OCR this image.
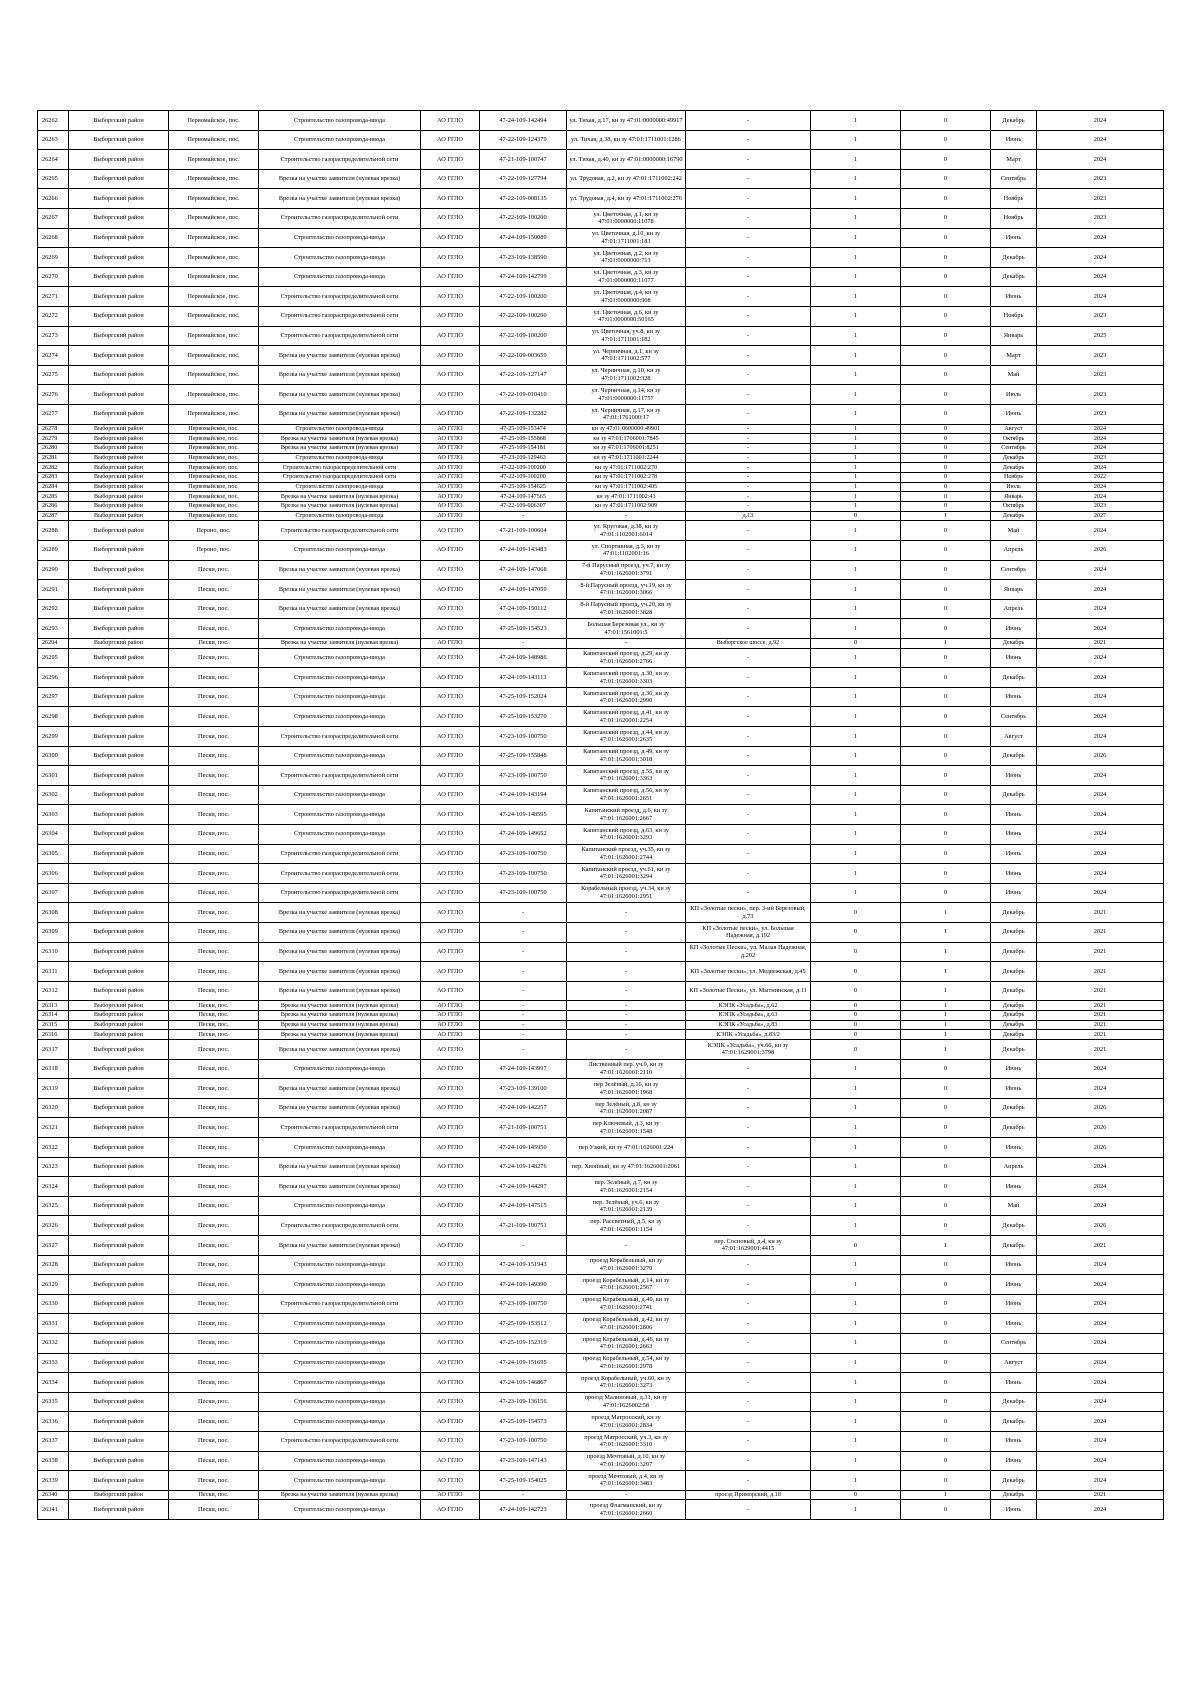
26262	Выборгский район	Первомайское, пос.	Строительство газопровода-ввода	АО ГГЛО	47-24-109-142494	ул. Тихая, д.17, кн зу 47:01:0000000:49917	-	1	0	Декабрь	2024
26263	Выборгский район	Первомайское, пос.	Строительство газопровода-ввода	АО ГГЛО	47-22-109-124379	ул. Тихая, д.38, кн зу 47:01:1711001:1286	-	1	0	Июнь	2024
26264	Выборгский район	Первомайское, пос.	Строительство газораспределительной сети	АО ГГЛО	47-21-109-100747	ул. Тихая, д.40, кн зу 47:01:0000000:16790	-	1	0	Март	2024
26265	Выборгский район	Первомайское, пос.	Врезка на участке заявителя (нулевая врезка)	АО ГГЛО	47-22-109-127794	ул. Трудовая, д.2, кн зу 47:01:1711002:242	-	1	0	Сентябрь	2023
26266	Выборгский район	Первомайское, пос.	Врезка на участке заявителя (нулевая врезка)	АО ГГЛО	47-22-109-008135	ул. Трудовая, д.4, кн зу 47:01:1711002:276	-	1	0	Ноябрь	2023
26267	Выборгский район	Первомайское, пос.	Строительство газораспределительной сети	АО ГГЛО	47-22-109-100200	ул. Цветочная, д.1, кн зу 47:01:0000000:11078	-	1	0	Ноябрь	2023
26268	Выборгский район	Первомайское, пос.	Строительство газопровода-ввода	АО ГГЛО	47-24-109-150089	ул. Цветочная, д.10, кн зу 47:01:1711001:183	-	1	0	Июнь	2024
26269	Выборгский район	Первомайское, пос.	Строительство газопровода-ввода	АО ГГЛО	47-23-109-138590	ул. Цветочная, д.2, кн зу 47:01:0000000:713	-	1	0	Декабрь	2024
26270	Выборгский район	Первомайское, пос.	Строительство газопровода-ввода	АО ГГЛО	47-24-109-142799	ул. Цветочная, д.3, кн зу 47:01:0000000:11077	-	1	0	Декабрь	2024
26271	Выборгский район	Первомайское, пос.	Строительство газораспределительной сети	АО ГГЛО	47-22-109-100200	ул. Цветочная, д.4, кн зу 47:01:0000000:908	-	1	0	Июнь	2024
26272	Выборгский район	Первомайское, пос.	Строительство газораспределительной сети	АО ГГЛО	47-22-109-100200	ул. Цветочная, д.6, кн зу 47:01:0000000:50165	-	1	0	Ноябрь	2023
26273	Выборгский район	Первомайское, пос.	Строительство газораспределительной сети	АО ГГЛО	47-22-109-100200	ул. Цветочная, уч.8, кн зу 47:01:1711001:182	-	1	0	Январь	2025
26274	Выборгский район	Первомайское, пос.	Врезка на участке заявителя (нулевая врезка)	АО ГГЛО	47-22-109-003659	ул. Черничная, д.1, кн зу 47:01:1711002:577	-	1	0	Март	2023
26275	Выборгский район	Первомайское, пос.	Врезка на участке заявителя (нулевая врезка)	АО ГГЛО	47-22-109-127147	ул. Черничная, д.10, кн зу 47:01:1711002:328	-	1	0	Май	2023
26276	Выборгский район	Первомайское, пос.	Врезка на участке заявителя (нулевая врезка)	АО ГГЛО	47-22-109-010410	ул. Черничная, д.14, кн зу 47:01:0000000:11757	-	1	0	Июль	2023
26277	Выборгский район	Первомайское, пос.	Врезка на участке заявителя (нулевая врезка)	АО ГГЛО	47-22-109-132282	ул. Черничная, д.17, кн зу 47:01:1761000:17	-	1	0	Июнь	2023
26278	Выборгский район	Первомайское, пос.	Строительство газопровода-ввода	АО ГГЛО	47-25-109-153474	кн зу 47:01:0600000:49901	-	1	0	Август	2024
26279	Выборгский район	Первомайское, пос.	Врезка на участке заявителя (нулевая врезка)	АО ГГЛО	47-25-109-155868	кн зу 47:01:1706001:7845	-	1	0	Октябрь	2024
26280	Выборгский район	Первомайское, пос.	Врезка на участке заявителя (нулевая врезка)	АО ГГЛО	47-25-109-154181	кн зу 47:01:1706001:8251	-	1	0	Сентябрь	2024
26281	Выборгский район	Первомайское, пос.	Строительство газопровода-ввода	АО ГГЛО	47-23-109-129463	кн зу 47:01:1711001:2244	-	1	0	Декабрь	2023
26282	Выборгский район	Первомайское, пос.	Строительство газораспределительной сети	АО ГГЛО	47-22-109-100200	кн зу 47:01:1711002:270	-	1	0	Декабрь	2024
26283	Выборгский район	Первомайское, пос.	Строительство газораспределительной сети	АО ГГЛО	47-22-109-100200	кн зу 47:01:1711002:278	-	1	0	Ноябрь	2022
26284	Выборгский район	Первомайское, пос.	Строительство газопровода-ввода	АО ГГЛО	47-25-109-154625	кн зу 47:01:1711002:405	-	1	0	Июль	2024
26285	Выборгский район	Первомайское, пос.	Врезка на участке заявителя (нулевая врезка)	АО ГГЛО	47-24-109-147565	кн зу 47:01:1711002:43	-	1	0	Январь	2024
26286	Выборгский район	Первомайское, пос.	Врезка на участке заявителя (нулевая врезка)	АО ГГЛО	47-22-109-006307	кн зу 47:01:1711002:909	-	1	0	Октябрь	2023
26287	Выборгский район	Первомайское, пос.	Строительство газопровода-ввода	АО ГГЛО	-	-	д.13	0	1	Декабрь	2027
26288	Выборгский район	Пероно, пос.	Строительство газораспределительной сети	АО ГГЛО	47-21-109-100604	ул. Круговая, д.38, кн зу 47:01:1102001:6014	-	1	0	Май	2024
26289	Выборгский район	Пероно, пос.	Строительство газопровода-ввода	АО ГГЛО	47-24-109-143483	ул. Спортивная, д.3, кн зу 47:01:1102001:16	-	1	0	Апрель	2026
26290	Выборгский район	Пески, пос.	Врезка на участке заявителя (нулевая врезка)	АО ГГЛО	47-24-109-147068	7-й Парусный проезд, уч.7, кн зу 47:01:1626001:3791	-	1	0	Сентябрь	2024
26291	Выборгский район	Пески, пос.	Врезка на участке заявителя (нулевая врезка)	АО ГГЛО	47-24-109-147059	8-й Парусный проезд, уч.19, кн зу 47:01:1626001:3066	-	1	0	Январь	2024
26292	Выборгский район	Пески, пос.	Врезка на участке заявителя (нулевая врезка)	АО ГГЛО	47-24-109-150112	8-й Парусный проезд, уч.20, кн зу 47:01:1626001:3828	-	1	0	Апрель	2024
26293	Выборгский район	Пески, пос.	Строительство газопровода-ввода	АО ГГЛО	47-25-109-154523	Большая Березовая ул., кн зу 47:01:1561001:5	-	1	0	Июнь	2024
26294	Выборгский район	Пески, пос.	Врезка на участке заявителя (нулевая врезка)	АО ГГЛО	-	-	Выборгское шоссе, д.92	0	1	Декабрь	2021
26295	Выборгский район	Пески, пос.	Строительство газопровода-ввода	АО ГГЛО	47-24-109-148986	Капитанский проезд, д.29, кн зу 47:01:1626001:2766	-	1	0	Июнь	2024
26296	Выборгский район	Пески, пос.	Строительство газопровода-ввода	АО ГГЛО	47-24-109-143113	Капитанский проезд, д.30, кн зу 47:01:1626001:3303	-	1	0	Декабрь	2024
26297	Выборгский район	Пески, пос.	Строительство газопровода-ввода	АО ГГЛО	47-25-109-152024	Капитанский проезд, д.36, кн зу 47:01:1626001:2990	-	1	0	Июнь	2024
26298	Выборгский район	Пески, пос.	Строительство газопровода-ввода	АО ГГЛО	47-25-109-153270	Капитанский проезд, д.41, кн зу 47:01:1626001:2254	-	1	0	Сентябрь	2024
26299	Выборгский район	Пески, пос.	Строительство газораспределительной сети	АО ГГЛО	47-23-109-100750	Капитанский проезд, д.44, кн зу 47:01:1626001:2635	-	1	0	Август	2024
26300	Выборгский район	Пески, пос.	Строительство газопровода-ввода	АО ГГЛО	47-25-109-155848	Капитанский проезд, д.49, кн зу 47:01:1626001:3018	-	1	0	Декабрь	2026
26301	Выборгский район	Пески, пос.	Строительство газораспределительной сети	АО ГГЛО	47-23-109-100750	Капитанский проезд, д.55, кн зу 47:01:1626001:3363	-	1	0	Июнь	2024
26302	Выборгский район	Пески, пос.	Строительство газопровода-ввода	АО ГГЛО	47-24-109-143194	Капитанский проезд, д.56, кн зу 47:01:1626001:2651	-	1	0	Декабрь	2024
26303	Выборгский район	Пески, пос.	Строительство газопровода-ввода	АО ГГЛО	47-24-109-148595	Капитанский проезд, д.6, кн зу 47:01:1626001:2667	-	1	0	Июнь	2024
26304	Выборгский район	Пески, пос.	Строительство газопровода-ввода	АО ГГЛО	47-24-109-149652	Капитанский проезд, д.63, кн зу 47:01:1626001:3293	-	1	0	Июнь	2024
26305	Выборгский район	Пески, пос.	Строительство газораспределительной сети	АО ГГЛО	47-23-109-100750	Капитанский проезд, уч.35, кн зу 47:01:1626001:2744	-	1	0	Июнь	2024
26306	Выборгский район	Пески, пос.	Строительство газораспределительной сети	АО ГГЛО	47-23-109-100750	Капитанский проезд, уч.61, кн зу 47:01:1626001:3294	-	1	0	Июнь	2024
26307	Выборгский район	Пески, пос.	Строительство газораспределительной сети	АО ГГЛО	47-23-109-100750	Корабельный проезд, уч.34, кн зу 47:01:1626001:2951	-	1	0	Июнь	2024
26308	Выборгский район	Пески, пос.	Врезка на участке заявителя (нулевая врезка)	АО ГГЛО	-	-	КП «Золотые пески», пер. 3-ий Березовый, д.73	0	1	Декабрь	2021
26309	Выборгский район	Пески, пос.	Врезка на участке заявителя (нулевая врезка)	АО ГГЛО	-	-	КП «Золотые пески», ул. Большая Надежная, д.192	0	1	Декабрь	2021
26310	Выборгский район	Пески, пос.	Врезка на участке заявителя (нулевая врезка)	АО ГГЛО	-	-	КП «Золотые Пески», ул. Малая Надежная, д.202	0	1	Декабрь	2021
26311	Выборгский район	Пески, пос.	Врезка на участке заявителя (нулевая врезка)	АО ГГЛО	-	-	КП «Золотые пески», ул. Медвежская, д.45	0	1	Декабрь	2021
26312	Выборгский район	Пески, пос.	Врезка на участке заявителя (нулевая врезка)	АО ГГЛО	-	-	КП «Золотые Пески», ул. Мытнинская, д.11	0	1	Декабрь	2021
26313	Выборгский район	Пески, пос.	Врезка на участке заявителя (нулевая врезка)	АО ГГЛО	-	-	КЭПК «Усадьба», д.62	0	1	Декабрь	2021
26314	Выборгский район	Пески, пос.	Врезка на участке заявителя (нулевая врезка)	АО ГГЛО	-	-	КЭПК «Усадьба», д.63	0	1	Декабрь	2021
26315	Выборгский район	Пески, пос.	Врезка на участке заявителя (нулевая врезка)	АО ГГЛО	-	-	КЭПК «Усадьба», д.83	0	1	Декабрь	2021
26316	Выборгский район	Пески, пос.	Врезка на участке заявителя (нулевая врезка)	АО ГГЛО	-	-	КЭПК «Усадьба», д.83/2	0	1	Декабрь	2021
26317	Выборгский район	Пески, пос.	Врезка на участке заявителя (нулевая врезка)	АО ГГЛО	-	-	КЭПК «Усадьба», уч.66, кн зу 47:01:1629001:3798	0	1	Декабрь	2021
26318	Выборгский район	Пески, пос.	Строительство газопровода-ввода	АО ГГЛО	47-24-109-143997	Лиственный пер. уч.9, кн зу 47:01:1626001:2110	-	1	0	Июнь	2024
26319	Выборгский район	Пески, пос.	Врезка на участке заявителя (нулевая врезка)	АО ГГЛО	47-23-109-139100	пер Зелёный, д.16, кн зу 47:01:1626001:1968	-	1	0	Июнь	2024
26320	Выборгский район	Пески, пос.	Врезка на участке заявителя (нулевая врезка)	АО ГГЛО	47-24-109-142257	пер Зелёный, д.8, кн зу 47:01:1626001:2087	-	1	0	Декабрь	2026
26321	Выборгский район	Пески, пос.	Строительство газораспределительной сети	АО ГГЛО	47-21-109-100751	пер Ключевый, д.3, кн зу 47:01:1626001:1548	-	1	0	Декабрь	2026
26322	Выборгский район	Пески, пос.	Строительство газопровода-ввода	АО ГГЛО	47-24-109-145950	пер Узкий, кн зу 47:01:1626001:224	-	1	0	Июнь	2026
26323	Выборгский район	Пески, пос.	Врезка на участке заявителя (нулевая врезка)	АО ГГЛО	47-24-109-148276	пер. Хвойный, кн зу 47:01:1626001:2061	-	1	0	Апрель	2024
26324	Выборгский район	Пески, пос.	Врезка на участке заявителя (нулевая врезка)	АО ГГЛО	47-24-109-144297	пер. Зелёный, д.7, кн зу 47:01:1626001:2154	-	1	0	Июнь	2024
26325	Выборгский район	Пески, пос.	Строительство газопровода-ввода	АО ГГЛО	47-24-109-147515	пер. Зелёный, уч.6, кн зу 47:01:1626001:2139	-	1	0	Май	2024
26326	Выборгский район	Пески, пос.	Строительство газораспределительной сети	АО ГГЛО	47-21-109-100751	пер. Рассветный, д.5, кн зу 47:01:1626001:1154	-	1	0	Декабрь	2026
26327	Выборгский район	Пески, пос.	Врезка на участке заявителя (нулевая врезка)	АО ГГЛО	-	-	пер. Сосновый, д.4, кн зу 47:01:1629001:4415	0	1	Декабрь	2021
26328	Выборгский район	Пески, пос.	Строительство газопровода-ввода	АО ГГЛО	47-24-109-151943	проезд Корабельный, кн зу 47:01:1626001:3270	-	1	0	Июнь	2024
26329	Выборгский район	Пески, пос.	Строительство газопровода-ввода	АО ГГЛО	47-24-109-149390	проезд Корабельный, д.14, кн зу 47:01:1626001:2567	-	1	0	Июнь	2024
26330	Выборгский район	Пески, пос.	Строительство газораспределительной сети	АО ГГЛО	47-23-109-100750	проезд Корабельный, д.40, кн зу 47:01:1626001:2741	-	1	0	Июнь	2024
26331	Выборгский район	Пески, пос.	Строительство газопровода-ввода	АО ГГЛО	47-25-109-153512	проезд Корабельный, д.42, кн зу 47:01:1626001:2806	-	1	0	Июнь	2024
26332	Выборгский район	Пески, пос.	Строительство газопровода-ввода	АО ГГЛО	47-25-109-152319	проезд Корабельный, д.46, кн зу 47:01:1626001:2663	-	1	0	Сентябрь	2024
26333	Выборгский район	Пески, пос.	Строительство газопровода-ввода	АО ГГЛО	47-24-109-151695	проезд Корабельный, д.54, кн зу 47:01:1626001:2978	-	1	0	Август	2024
26334	Выборгский район	Пески, пос.	Строительство газопровода-ввода	АО ГГЛО	47-24-109-146867	проезд Корабельный, уч.60, кн зу 47:01:1626001:3273	-	1	0	Июнь	2024
26335	Выборгский район	Пески, пос.	Строительство газопровода-ввода	АО ГГЛО	47-23-109-136156	проезд Малиновый, д.31, кн зу 47:01:1626002:58	-	1	0	Декабрь	2024
26336	Выборгский район	Пески, пос.	Строительство газопровода-ввода	АО ГГЛО	47-25-109-154573	проезд Матросский, кн зу 47:01:1626001:2834	-	1	0	Декабрь	2024
26337	Выборгский район	Пески, пос.	Строительство газораспределительной сети	АО ГГЛО	47-23-109-100750	проезд Матросский, уч.3, кн зу 47:01:1626001:3310	-	1	0	Июнь	2024
26338	Выборгский район	Пески, пос.	Строительство газопровода-ввода	АО ГГЛО	47-23-109-147143	проезд Мечтовый, д.10, кн зу 47:01:1626001:3297	-	1	0	Июнь	2024
26339	Выборгский район	Пески, пос.	Строительство газопровода-ввода	АО ГГЛО	47-25-109-154025	проезд Мечтовый, д.4, кн зу 47:01:1626001:3483	-	1	0	Декабрь	2024
26340	Выборгский район	Пески, пос.	Врезка на участке заявителя (нулевая врезка)	АО ГГЛО	-	-	проезд Приморский, д.18	0	1	Декабрь	2021
26341	Выборгский район	Пески, пос.	Строительство газопровода-ввода	АО ГГЛО	47-24-109-142723	проезд Флагманский, кн зу 47:01:1626001:2660	-	1	0	Июнь	2024
